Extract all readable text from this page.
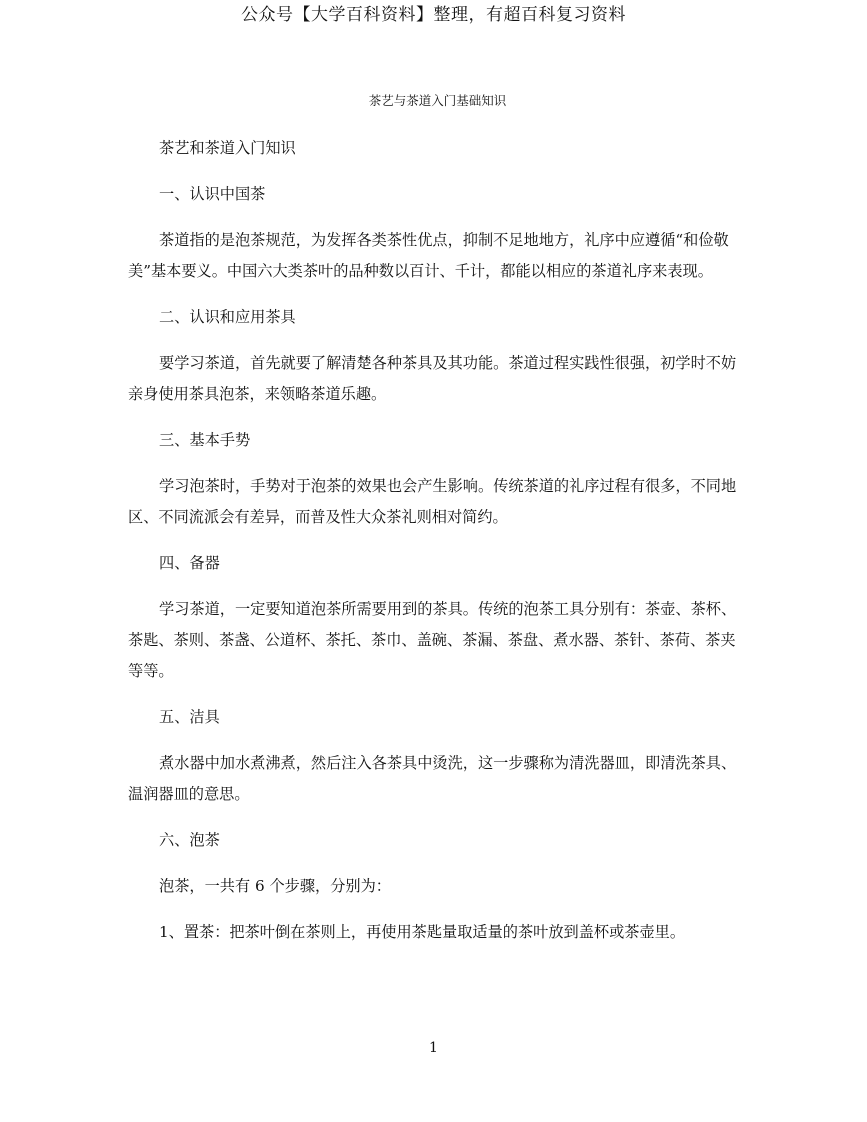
公众号【大学百科资料】整理，有超百科复习资料
茶艺与茶道入门基础知识

茶艺和茶道入门知识

一、认识中国茶

茶道指的是泡茶规范，为发挥各类茶性优点，抑制不足地地方，礼序中应遵循“和俭敬美”基本要义。中国六大类茶叶的品种数以百计、千计，都能以相应的茶道礼序来表现。

二、认识和应用茶具

要学习茶道，首先就要了解清楚各种茶具及其功能。茶道过程实践性很强，初学时不妨亲身使用茶具泡茶，来领略茶道乐趣。

三、基本手势

学习泡茶时，手势对于泡茶的效果也会产生影响。传统茶道的礼序过程有很多，不同地区、不同流派会有差异，而普及性大众茶礼则相对简约。

四、备器

学习茶道，一定要知道泡茶所需要用到的茶具。传统的泡茶工具分别有：茶壶、茶杯、茶匙、茶则、茶盏、公道杯、茶托、茶巾、盖碗、茶漏、茶盘、煮水器、茶针、茶荷、茶夹等等。

五、洁具

煮水器中加水煮沸煮，然后注入各茶具中烫洗，这一步骤称为清洗器皿，即清洗茶具、温润器皿的意思。

六、泡茶

泡茶，一共有 6 个步骤，分别为：

1、置茶：把茶叶倒在茶则上，再使用茶匙量取适量的茶叶放到盖杯或茶壶里。

1
